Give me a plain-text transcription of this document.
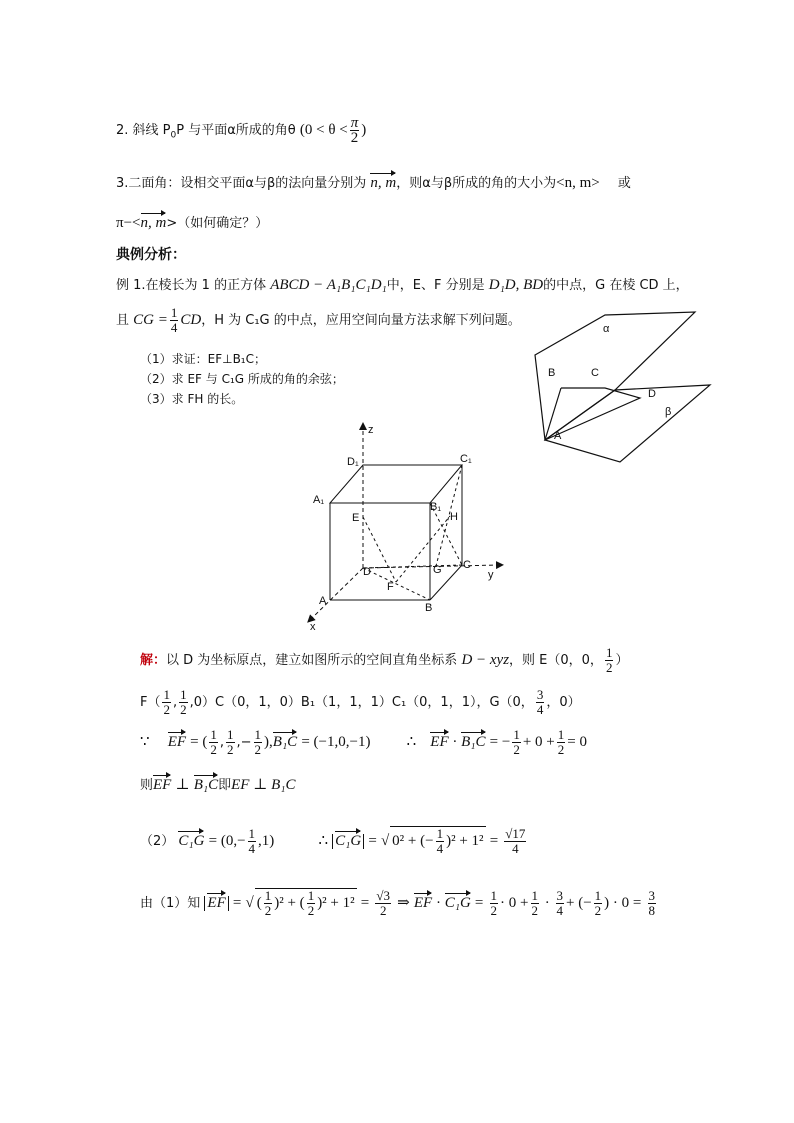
2. 斜线 $P_0P$ 与平面α所成的角θ ($0 < \theta < \frac{\pi}{2}$ )
3.二面角：设相交平面α与β的法向量分别为 n, m，则α与β所成的角的大小为<n, m> 或
π−<n, m>（如何确定？）
典例分析：
例 1.在棱长为 1 的正方体 ABCD − A₁B₁C₁D₁中，E、F 分别是 D₁D, BD的中点，G 在棱 CD 上，
且 CG = $\frac{1}{4}$ CD，H 为 C₁G 的中点，应用空间向量方法求解下列问题。
（1）求证：EF⊥B₁C；
（2）求 EF 与 C₁G 所成的角的余弦；
（3）求 FH 的长。
α
β
B	C
D
A
z
y
x
D₁	C₁
A₁
B₁
E	H
D	G C
F
A
B
解：以 D 为坐标原点，建立如图所示的空间直角坐标系 D − xyz，则 E（0，0， $\frac{1}{2}$ ）
$F( \frac{1}{2}$ , $\frac{1}{2} ,0)C(0$，1，0）B₁（1，1，1）C₁（0，1，1），G（0， $\frac{3}{4}$ ，0）
∵ EF = ( $\frac{1}{2}$ , $\frac{1}{2}$ ,− $\frac{1}{2} ),B_1C = (-1,0,-1)$ ∴ EF · B₁C = − $\frac{1}{2} + 0 + \frac{1}{2} = 0$
则EF ⊥ B₁C即EF ⊥ B₁C
（2） $C_1G = (0,- \frac{1}{4} ,1)$	∴ C₁G = √ 0² + (− $\frac{1}{4} )^2 + 1^2 = \frac{√17}{4}$
由（1）知 EF = √ ( $\frac{1}{2} )^2$ + ( $\frac{1}{2} )^2 + 1^2 = \frac{√3}{2}$ ⇒ EF · $C_1G = \frac{1}{2} \cdot 0 + \frac{1}{2} \cdot \frac{3}{4}$ + (− $\frac{1}{2}$ ) · $0 = \frac{3}{8}$
